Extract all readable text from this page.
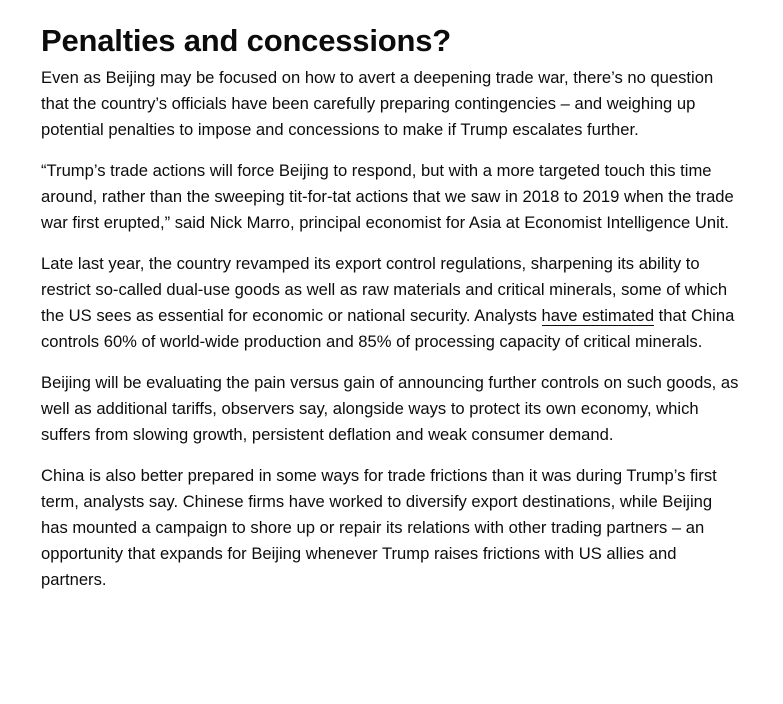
Penalties and concessions?

Even as Beijing may be focused on how to avert a deepening trade war, there’s no question that the country’s officials have been carefully preparing contingencies – and weighing up potential penalties to impose and concessions to make if Trump escalates further.

“Trump’s trade actions will force Beijing to respond, but with a more targeted touch this time around, rather than the sweeping tit-for-tat actions that we saw in 2018 to 2019 when the trade war first erupted,” said Nick Marro, principal economist for Asia at Economist Intelligence Unit.

Late last year, the country revamped its export control regulations, sharpening its ability to restrict so-called dual-use goods as well as raw materials and critical minerals, some of which the US sees as essential for economic or national security. Analysts have estimated that China controls 60% of world-wide production and 85% of processing capacity of critical minerals.

Beijing will be evaluating the pain versus gain of announcing further controls on such goods, as well as additional tariffs, observers say, alongside ways to protect its own economy, which suffers from slowing growth, persistent deflation and weak consumer demand.

China is also better prepared in some ways for trade frictions than it was during Trump’s first term, analysts say. Chinese firms have worked to diversify export destinations, while Beijing has mounted a campaign to shore up or repair its relations with other trading partners – an opportunity that expands for Beijing whenever Trump raises frictions with US allies and partners.
